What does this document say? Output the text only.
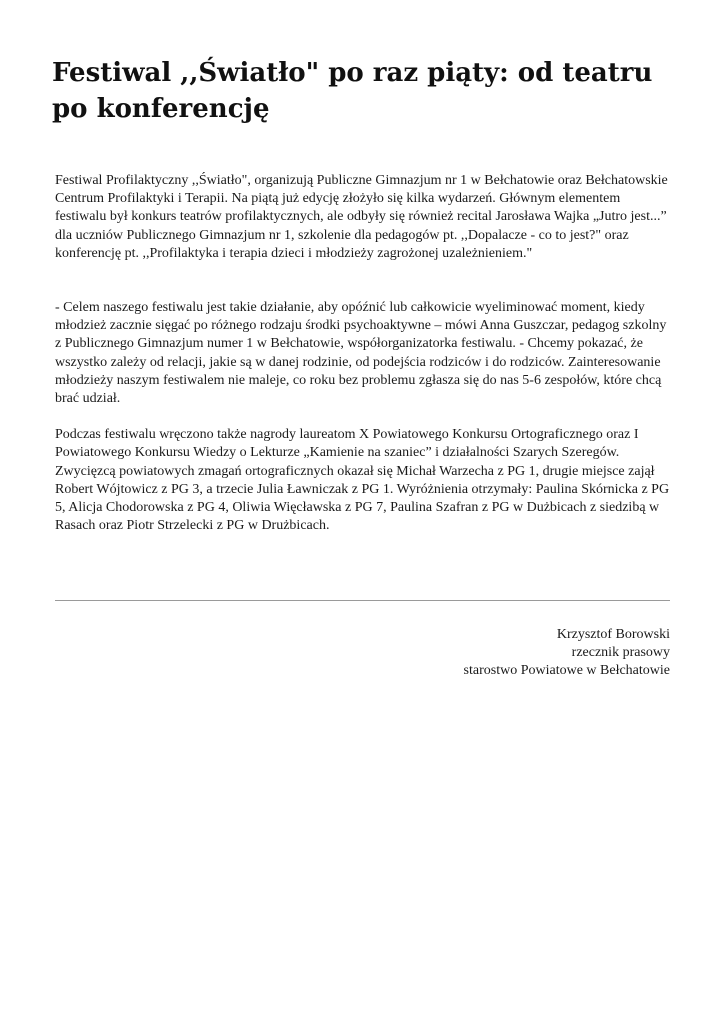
Festiwal ,,Światło" po raz piąty: od teatru po konferencję

Festiwal Profilaktyczny ,,Światło", organizują Publiczne Gimnazjum nr 1 w Bełchatowie oraz Bełchatowskie Centrum Profilaktyki i Terapii. Na piątą już edycję złożyło się kilka wydarzeń. Głównym elementem festiwalu był konkurs teatrów profilaktycznych, ale odbyły się również recital Jarosława Wajka „Jutro jest...” dla uczniów Publicznego Gimnazjum nr 1, szkolenie dla pedagogów pt. ,,Dopalacze - co to jest?" oraz konferencję pt. ,,Profilaktyka i terapia dzieci i młodzieży zagrożonej uzależnieniem."

- Celem naszego festiwalu jest takie działanie, aby opóźnić lub całkowicie wyeliminować moment, kiedy młodzież zacznie sięgać po różnego rodzaju środki psychoaktywne – mówi Anna Guszczar, pedagog szkolny z Publicznego Gimnazjum numer 1 w Bełchatowie, współorganizatorka festiwalu. - Chcemy pokazać, że wszystko zależy od relacji, jakie są w danej rodzinie, od podejścia rodziców i do rodziców. Zainteresowanie młodzieży naszym festiwalem nie maleje, co roku bez problemu zgłasza się do nas 5-6 zespołów, które chcą brać udział.

Podczas festiwalu wręczono także nagrody laureatom X Powiatowego Konkursu Ortograficznego oraz I Powiatowego Konkursu Wiedzy o Lekturze „Kamienie na szaniec” i działalności Szarych Szeregów. Zwycięzcą powiatowych zmagań ortograficznych okazał się Michał Warzecha z PG 1, drugie miejsce zajął Robert Wójtowicz z PG 3, a trzecie Julia Ławniczak z PG 1. Wyróżnienia otrzymały: Paulina Skórnicka z PG 5, Alicja Chodorowska z PG 4, Oliwia Więcławska z PG 7, Paulina Szafran z PG w Dużbicach z siedzibą w Rasach oraz Piotr Strzelecki z PG w Drużbicach.

Krzysztof Borowski
rzecznik prasowy
starostwo Powiatowe w Bełchatowie
